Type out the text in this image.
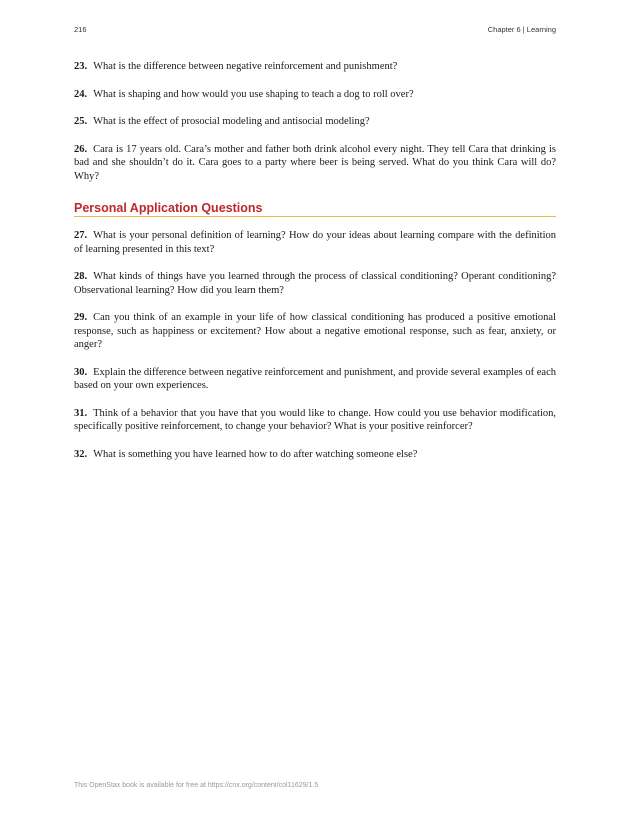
216	Chapter 6 | Learning

23. What is the difference between negative reinforcement and punishment?

24. What is shaping and how would you use shaping to teach a dog to roll over?

25. What is the effect of prosocial modeling and antisocial modeling?

26. Cara is 17 years old. Cara’s mother and father both drink alcohol every night. They tell Cara that drinking is bad and she shouldn’t do it. Cara goes to a party where beer is being served. What do you think Cara will do? Why?

Personal Application Questions

27. What is your personal definition of learning? How do your ideas about learning compare with the definition of learning presented in this text?

28. What kinds of things have you learned through the process of classical conditioning? Operant conditioning? Observational learning? How did you learn them?

29. Can you think of an example in your life of how classical conditioning has produced a positive emotional response, such as happiness or excitement? How about a negative emotional response, such as fear, anxiety, or anger?

30. Explain the difference between negative reinforcement and punishment, and provide several examples of each based on your own experiences.

31. Think of a behavior that you have that you would like to change. How could you use behavior modification, specifically positive reinforcement, to change your behavior? What is your positive reinforcer?

32. What is something you have learned how to do after watching someone else?

This OpenStax book is available for free at https://cnx.org/content/col11629/1.5
